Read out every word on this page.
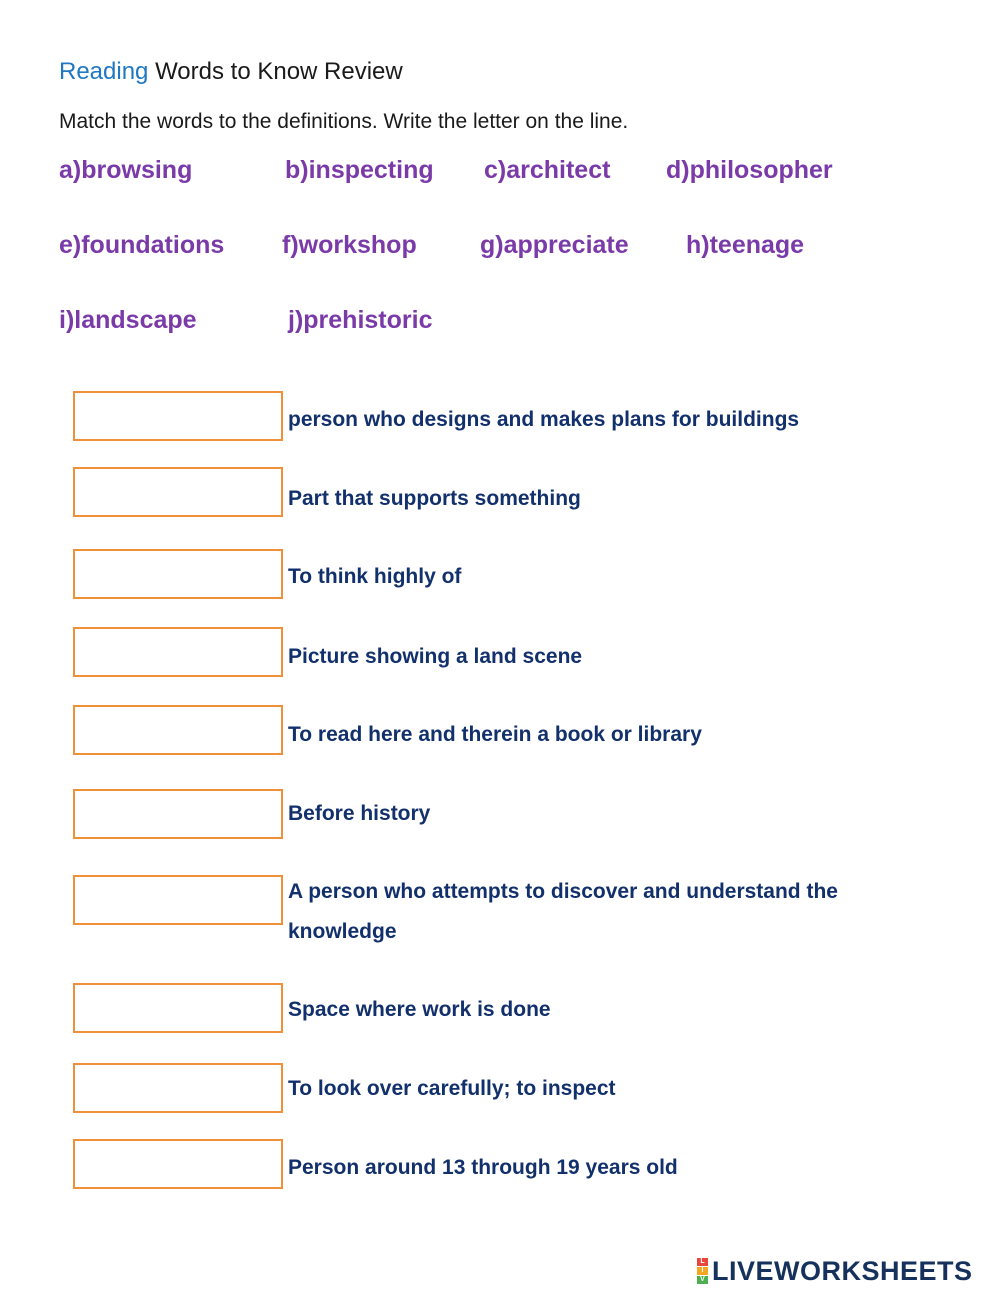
Reading Words to Know Review
Match the words to the definitions. Write the letter on the line.
a)browsing	b)inspecting c)architect d)philosopher
e)foundations f)workshop	g)appreciate h)teenage
i)landscape	j)prehistoric
person who designs and makes plans for buildings
Part that supports something
To think highly of
Picture showing a land scene
To read here and therein a book or library
Before history
A person who attempts to discover and understand the knowledge
Space where work is done
To look over carefully; to inspect
Person around 13 through 19 years old
L
I
V LIVEWORKSHEETS
